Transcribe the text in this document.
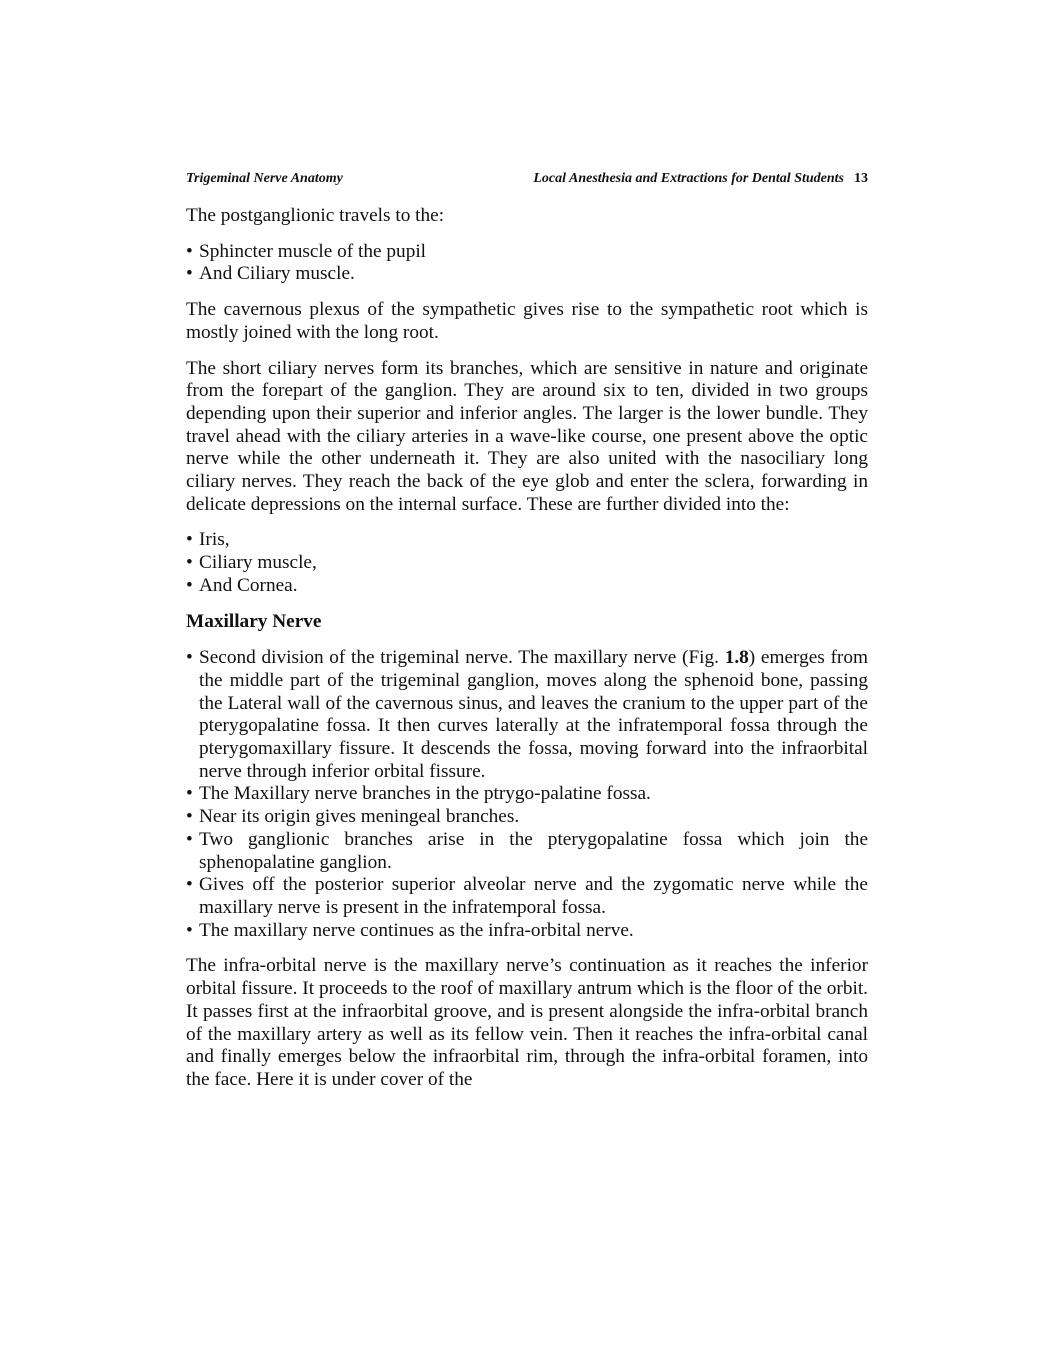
Trigeminal Nerve Anatomy	Local Anesthesia and Extractions for Dental Students 13

The postganglionic travels to the:

• Sphincter muscle of the pupil
• And Ciliary muscle.

The cavernous plexus of the sympathetic gives rise to the sympathetic root which is mostly joined with the long root.

The short ciliary nerves form its branches, which are sensitive in nature and originate from the forepart of the ganglion. They are around six to ten, divided in two groups depending upon their superior and inferior angles. The larger is the lower bundle. They travel ahead with the ciliary arteries in a wave-like course, one present above the optic nerve while the other underneath it. They are also united with the nasociliary long ciliary nerves. They reach the back of the eye glob and enter the sclera, forwarding in delicate depressions on the internal surface. These are further divided into the:

• Iris,
• Ciliary muscle,
• And Cornea.
Maxillary Nerve
• Second division of the trigeminal nerve. The maxillary nerve (Fig. 1.8) emerges from the middle part of the trigeminal ganglion, moves along the sphenoid bone, passing the Lateral wall of the cavernous sinus, and leaves the cranium to the upper part of the pterygopalatine fossa. It then curves laterally at the infratemporal fossa through the pterygomaxillary fissure. It descends the fossa, moving forward into the infraorbital nerve through inferior orbital fissure.
• The Maxillary nerve branches in the ptrygo-palatine fossa.
• Near its origin gives meningeal branches.
• Two ganglionic branches arise in the pterygopalatine fossa which join the sphenopalatine ganglion.
• Gives off the posterior superior alveolar nerve and the zygomatic nerve while the maxillary nerve is present in the infratemporal fossa.
• The maxillary nerve continues as the infra-orbital nerve.

The infra-orbital nerve is the maxillary nerve’s continuation as it reaches the inferior orbital fissure. It proceeds to the roof of maxillary antrum which is the floor of the orbit. It passes first at the infraorbital groove, and is present alongside the infra-orbital branch of the maxillary artery as well as its fellow vein. Then it reaches the infra-orbital canal and finally emerges below the infraorbital rim, through the infra-orbital foramen, into the face. Here it is under cover of the
